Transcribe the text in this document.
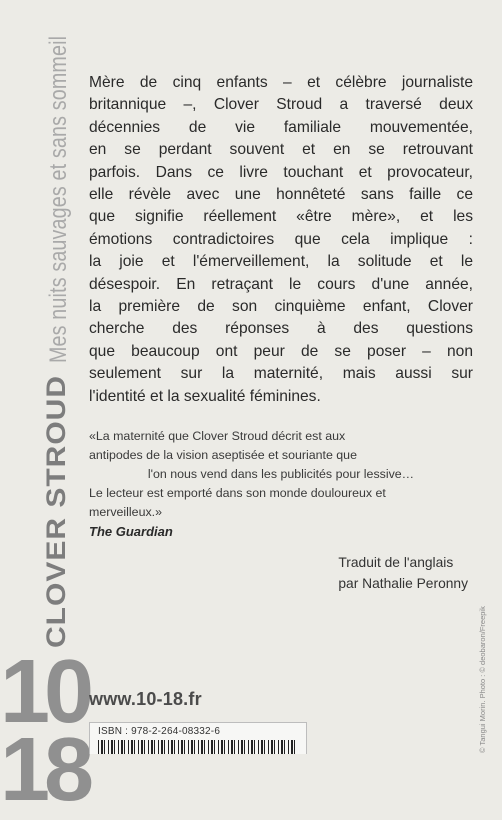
CLOVER STROUD
Mes nuits sauvages et sans sommeil Mère de cinq enfants – et célèbre journaliste
britannique –, Clover Stroud a traversé deux
décennies de vie familiale mouvementée,
en se perdant souvent et en se retrouvant
parfois. Dans ce livre touchant et provocateur,
elle révèle avec une honnêteté sans faille ce
que signifie réellement «être mère», et les
émotions contradictoires que cela implique :
la joie et l'émerveillement, la solitude et le
désespoir. En retraçant le cours d'une année,
la première de son cinquième enfant, Clover
cherche des réponses à des questions
que beaucoup ont peur de se poser – non
seulement sur la maternité, mais aussi sur
l'identité et la sexualité féminines.
«La maternité que Clover Stroud décrit est aux
antipodes de la vision aseptisée et souriante que
l'on nous vend dans les publicités pour lessive…
Le lecteur est emporté dans son monde douloureux et
merveilleux.»
The Guardian
Traduit de l'anglais
par Nathalie Peronny
10
18
www.10-18.fr
ISBN : 978-2-264-08332-6	© Tangui Morin. Photo : © deobaron/Freepik
